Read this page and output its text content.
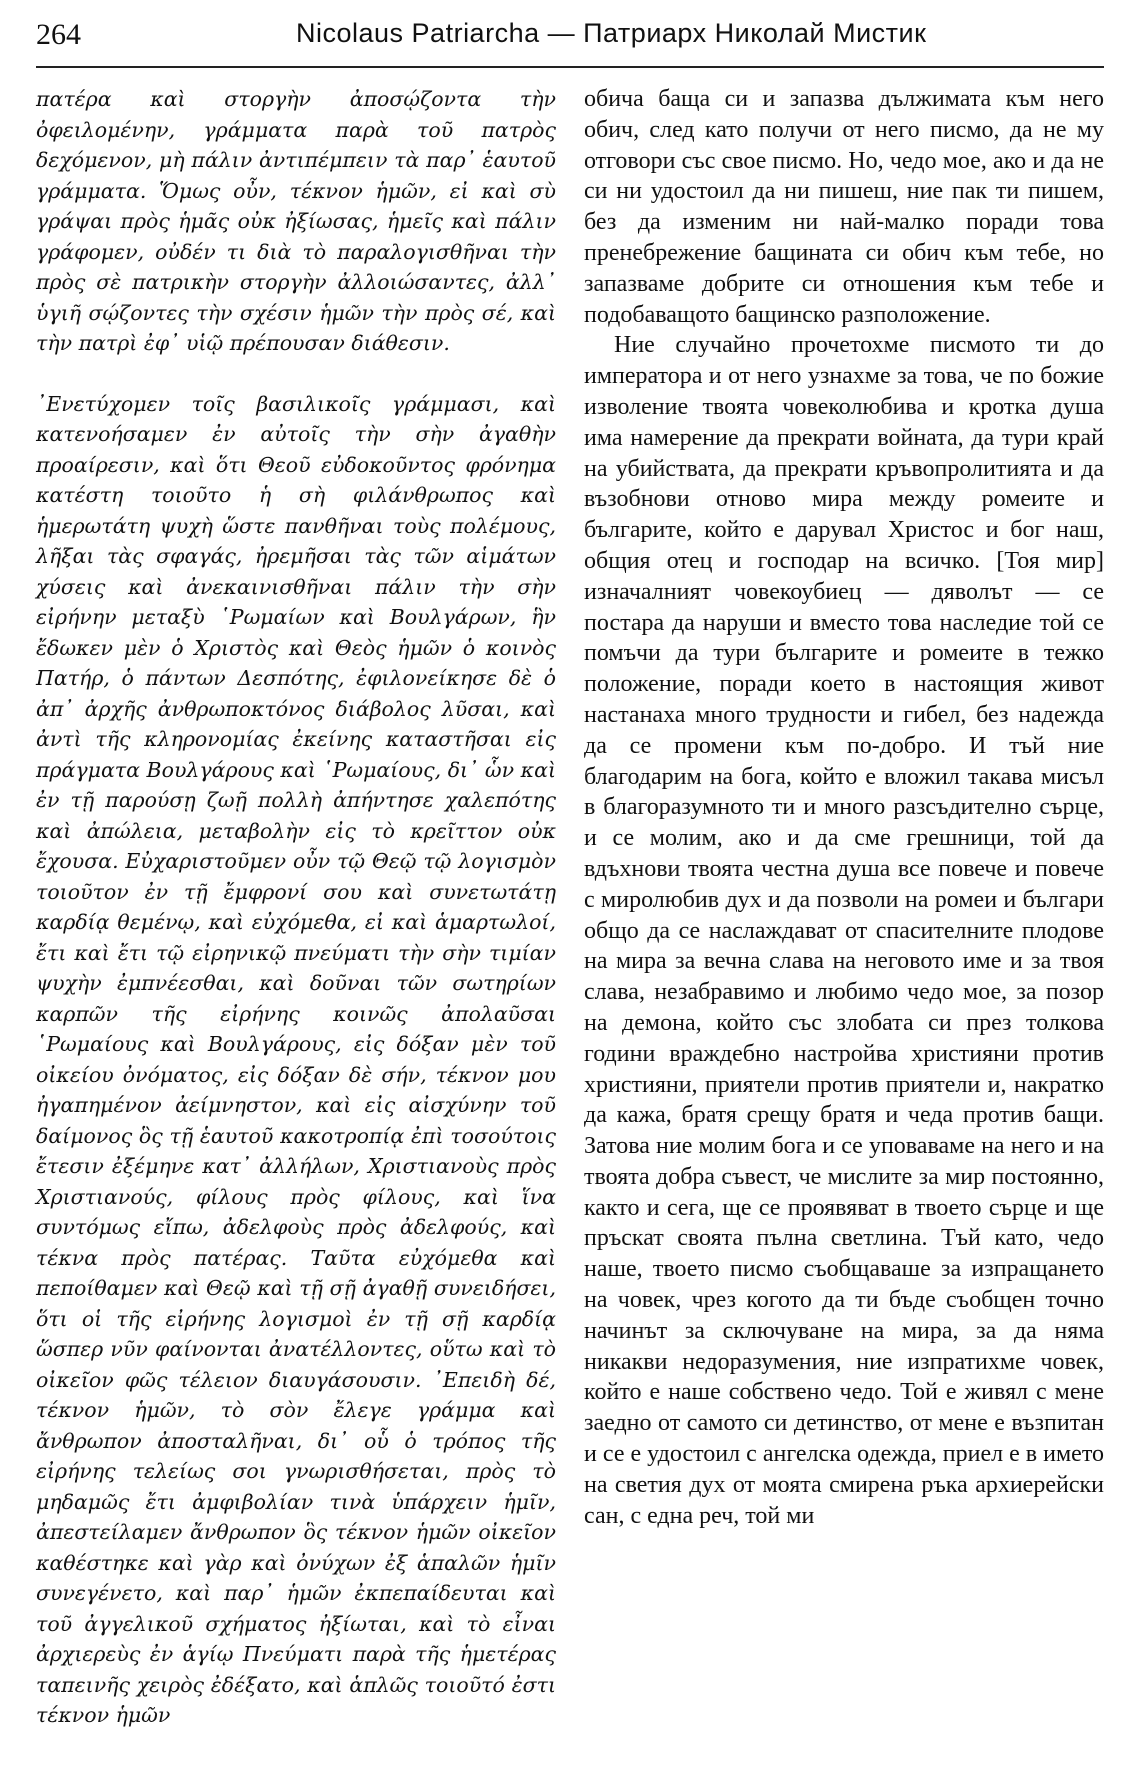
264	Nicolaus Patriarcha — Патриарх Николай Мистик

πατέρα καὶ στοργὴν ἀποσῴζοντα τὴν ὀφειλομένην, γράμματα παρὰ τοῦ πατρὸς δεχόμενον, μὴ πάλιν ἀντιπέμπειν τὰ παρ᾿ ἑαυτοῦ γράμματα. Ὅμως οὖν, τέκνον ἡμῶν, εἰ καὶ σὺ γράψαι πρὸς ἡμᾶς οὐκ ἠξίωσας, ἡμεῖς καὶ πάλιν γράφομεν, οὐδέν τι διὰ τὸ παραλογισθῆναι τὴν πρὸς σὲ πατρικὴν στοργὴν ἀλλοιώσαντες, ἀλλ᾿ ὑγιῆ σῴζοντες τὴν σχέσιν ἡμῶν τὴν πρὸς σέ, καὶ τὴν πατρὶ ἐφ᾿ υἱῷ πρέπουσαν διάθεσιν.

᾿Ενετύχομεν τοῖς βασιλικοῖς γράμμασι, καὶ κατενοήσαμεν ἐν αὐτοῖς τὴν σὴν ἀγαθὴν προαίρεσιν, καὶ ὅτι Θεοῦ εὐδοκοῦντος φρόνημα κατέστη τοιοῦτο ἡ σὴ φιλάνθρωπος καὶ ἡμερωτάτη ψυχὴ ὥστε πανθῆναι τοὺς πολέμους, λῆξαι τὰς σφαγάς, ἠρεμῆσαι τὰς τῶν αἱμάτων χύσεις καὶ ἀνεκαινισθῆναι πάλιν τὴν σὴν εἰρήνην μεταξὺ ῾Ρωμαίων καὶ Βουλγάρων, ἣν ἔδωκεν μὲν ὁ Χριστὸς καὶ Θεὸς ἡμῶν ὁ κοινὸς Πατήρ, ὁ πάντων Δεσπότης, ἐφιλονείκησε δὲ ὁ ἀπ᾿ ἀρχῆς ἀνθρωποκτόνος διάβολος λῦσαι, καὶ ἀντὶ τῆς κληρονομίας ἐκείνης καταστῆσαι εἰς πράγματα Βουλγάρους καὶ ῾Ρωμαίους, δι᾿ ὧν καὶ ἐν τῇ παρούσῃ ζωῇ πολλὴ ἀπήντησε χαλεπότης καὶ ἀπώλεια, μεταβολὴν εἰς τὸ κρεῖττον οὐκ ἔχουσα. Εὐχαριστοῦμεν οὖν τῷ Θεῷ τῷ λογισμὸν τοιοῦτον ἐν τῇ ἔμφρονί σου καὶ συνετωτάτῃ καρδίᾳ θεμένῳ, καὶ εὐχόμεθα, εἰ καὶ ἁμαρτωλοί, ἔτι καὶ ἔτι τῷ εἰρηνικῷ πνεύματι τὴν σὴν τιμίαν ψυχὴν ἐμπνέεσθαι, καὶ δοῦναι τῶν σωτηρίων καρπῶν τῆς εἰρήνης κοινῶς ἀπολαῦσαι ῾Ρωμαίους καὶ Βουλγάρους, εἰς δόξαν μὲν τοῦ οἰκείου ὀνόματος, εἰς δόξαν δὲ σήν, τέκνον μου ἠγαπημένον ἀείμνηστον, καὶ εἰς αἰσχύνην τοῦ δαίμονος ὃς τῇ ἑαυτοῦ κακοτροπίᾳ ἐπὶ τοσούτοις ἔτεσιν ἐξέμηνε κατ᾿ ἀλλήλων, Χριστιανοὺς πρὸς Χριστιανούς, φίλους πρὸς φίλους, καὶ ἵνα συντόμως εἴπω, ἀδελφοὺς πρὸς ἀδελφούς, καὶ τέκνα πρὸς πατέρας. Ταῦτα εὐχόμεθα καὶ πεποίθαμεν καὶ Θεῷ καὶ τῇ σῇ ἀγαθῇ συνειδήσει, ὅτι οἱ τῆς εἰρήνης λογισμοὶ ἐν τῇ σῇ καρδίᾳ ὥσπερ νῦν φαίνονται ἀνατέλλοντες, οὕτω καὶ τὸ οἰκεῖον φῶς τέλειον διαυγάσουσιν. ᾿Επειδὴ δέ, τέκνον ἡμῶν, τὸ σὸν ἔλεγε γράμμα καὶ ἄνθρωπον ἀποσταλῆναι, δι᾿ οὗ ὁ τρόπος τῆς εἰρήνης τελείως σοι γνωρισθήσεται, πρὸς τὸ μηδαμῶς ἔτι ἀμφιβολίαν τινὰ ὑπάρχειν ἡμῖν, ἀπεστείλαμεν ἄνθρωπον ὃς τέκνον ἡμῶν οἰκεῖον καθέστηκε καὶ γὰρ καὶ ὀνύχων ἐξ ἁπαλῶν ἡμῖν συνεγένετο, καὶ παρ᾿ ἡμῶν ἐκπεπαίδευται καὶ τοῦ ἀγγελικοῦ σχήματος ἠξίωται, καὶ τὸ εἶναι ἀρχιερεὺς ἐν ἁγίῳ Πνεύματι παρὰ τῆς ἡμετέρας ταπεινῆς χειρὸς ἐδέξατο, καὶ ἁπλῶς τοιοῦτό ἐστι τέκνον ἡμῶν

обича баща си и запазва дължимата към него обич, след като получи от него писмо, да не му отговори със свое писмо. Но, чедо мое, ако и да не си ни удостоил да ни пишеш, ние пак ти пишем, без да изменим ни най-малко поради това пренебрежение бащината си обич към тебе, но запазваме добрите си отношения към тебе и подобаващото бащинско разположение.

Ние случайно прочетохме писмото ти до императора и от него узнахме за това, че по божие изволение твоята човеколюбива и кротка душа има намерение да прекрати войната, да тури край на убийствата, да прекрати кръвопролитията и да възобнови отново мира между ромеите и българите, който е дарувал Христос и бог наш, общия отец и господар на всичко. [Тоя мир] изначалният човекоубиец — дяволът — се постара да наруши и вместо това наследие той се помъчи да тури българите и ромеите в тежко положение, поради което в настоящия живот настанаха много трудности и гибел, без надежда да се промени към по-добро. И тъй ние благодарим на бога, който е вложил такава мисъл в благоразумното ти и много разсъдително сърце, и се молим, ако и да сме грешници, той да вдъхнови твоята честна душа все повече и повече с миролюбив дух и да позволи на ромеи и българи общо да се наслаждават от спасителните плодове на мира за вечна слава на неговото име и за твоя слава, незабравимо и любимо чедо мое, за позор на демона, който със злобата си през толкова години враждебно настройва християни против християни, приятели против приятели и, накратко да кажа, братя срещу братя и чеда против бащи. Затова ние молим бога и се уповаваме на него и на твоята добра съвест, че мислите за мир постоянно, както и сега, ще се проявяват в твоето сърце и ще пръскат своята пълна светлина. Тъй като, чедо наше, твоето писмо съобщаваше за изпращането на човек, чрез когото да ти бъде съобщен точно начинът за сключуване на мира, за да няма никакви недоразумения, ние изпратихме човек, който е наше собствено чедо. Той е живял с мене заедно от самото си детинство, от мене е възпитан и се е удостоил с ангелска одежда, приел е в името на светия дух от моята смирена ръка архиерейски сан, с една реч, той ми
